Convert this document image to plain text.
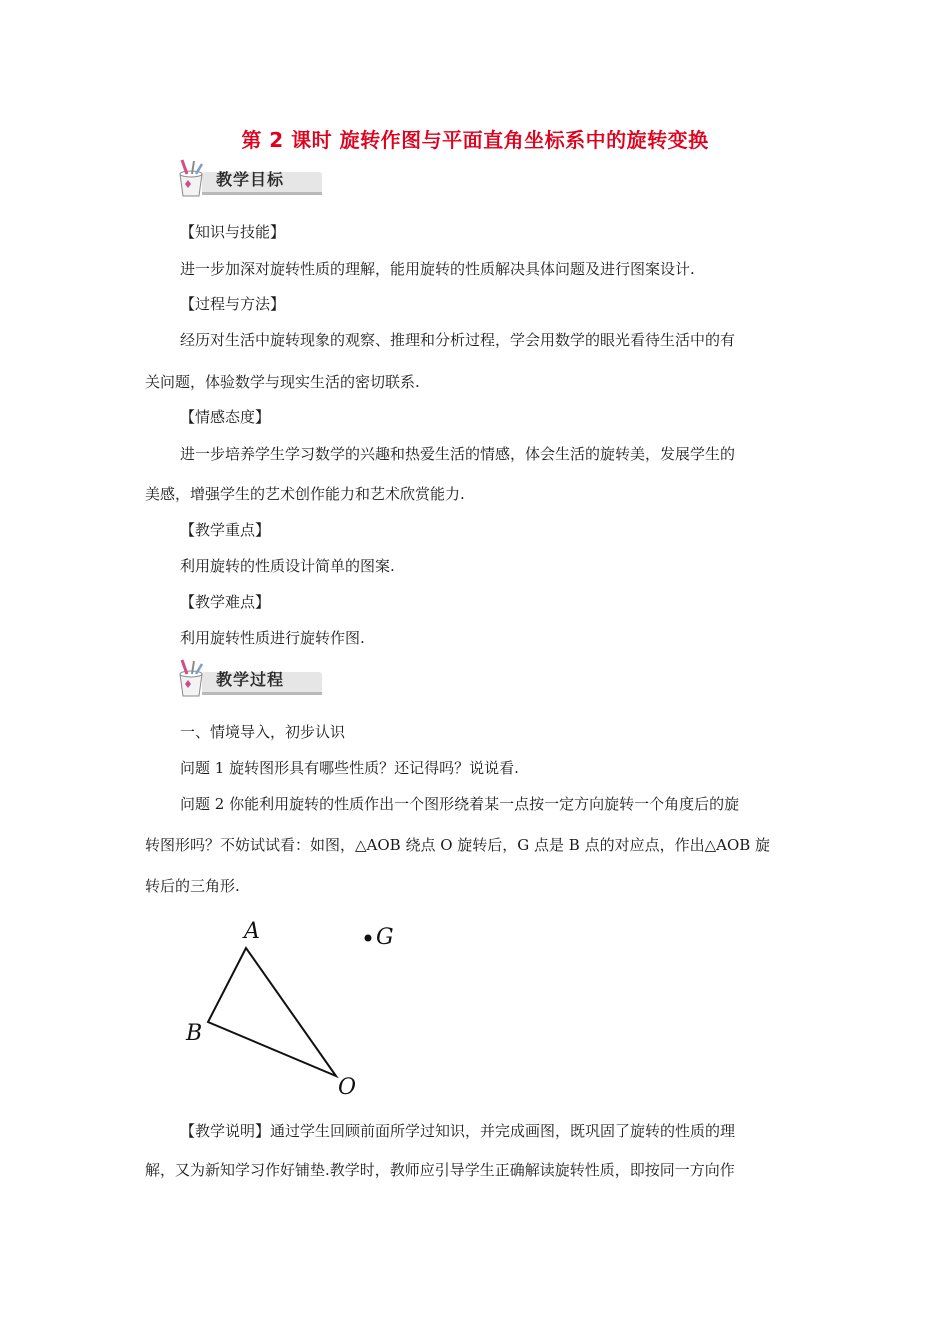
第 2 课时 旋转作图与平面直角坐标系中的旋转变换
教学目标
【知识与技能】
进一步加深对旋转性质的理解，能用旋转的性质解决具体问题及进行图案设计.
【过程与方法】
经历对生活中旋转现象的观察、推理和分析过程，学会用数学的眼光看待生活中的有
关问题，体验数学与现实生活的密切联系.
【情感态度】
进一步培养学生学习数学的兴趣和热爱生活的情感，体会生活的旋转美，发展学生的
美感，增强学生的艺术创作能力和艺术欣赏能力.
【教学重点】
利用旋转的性质设计简单的图案.
【教学难点】
利用旋转性质进行旋转作图.
教学过程
一、情境导入，初步认识
问题 1 旋转图形具有哪些性质？还记得吗？说说看.
问题 2 你能利用旋转的性质作出一个图形绕着某一点按一定方向旋转一个角度后的旋
转图形吗？不妨试试看：如图，△AOB 绕点 O 旋转后，G 点是 B 点的对应点，作出△AOB 旋
转后的三角形.
A
B
O
G
【教学说明】通过学生回顾前面所学过知识，并完成画图，既巩固了旋转的性质的理
解，又为新知学习作好铺垫.教学时，教师应引导学生正确解读旋转性质，即按同一方向作
